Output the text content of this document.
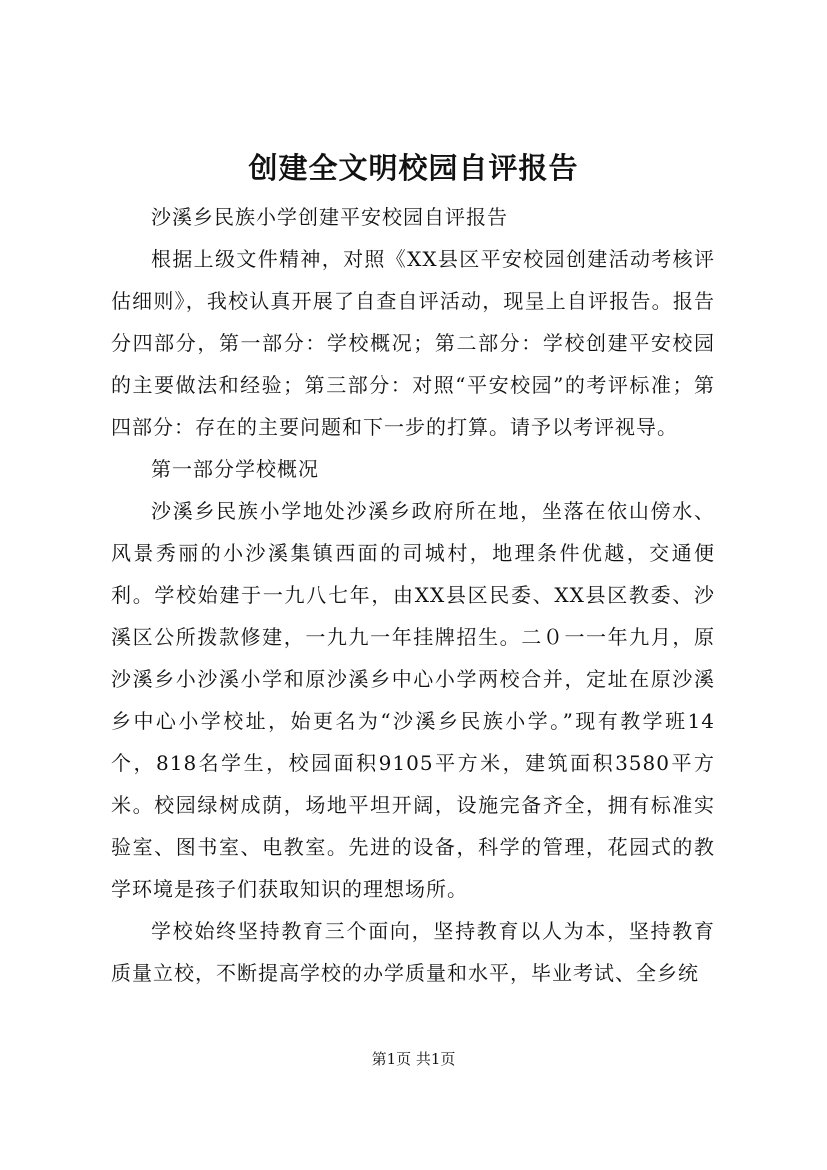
创建全文明校园自评报告

沙溪乡民族小学创建平安校园自评报告

根据上级文件精神，对照《XX县区平安校园创建活动考核评估细则》，我校认真开展了自查自评活动，现呈上自评报告。报告分四部分，第一部分：学校概况；第二部分：学校创建平安校园的主要做法和经验；第三部分：对照“平安校园”的考评标准；第四部分：存在的主要问题和下一步的打算。请予以考评视导。

第一部分学校概况

沙溪乡民族小学地处沙溪乡政府所在地，坐落在依山傍水、风景秀丽的小沙溪集镇西面的司城村，地理条件优越，交通便利。学校始建于一九八七年，由XX县区民委、XX县区教委、沙溪区公所拨款修建，一九九一年挂牌招生。二０一一年九月，原沙溪乡小沙溪小学和原沙溪乡中心小学两校合并，定址在原沙溪乡中心小学校址，始更名为“沙溪乡民族小学。”现有教学班14个，818名学生，校园面积9105平方米，建筑面积3580平方米。校园绿树成荫，场地平坦开阔，设施完备齐全，拥有标准实验室、图书室、电教室。先进的设备，科学的管理，花园式的教学环境是孩子们获取知识的理想场所。

学校始终坚持教育三个面向，坚持教育以人为本，坚持教育质量立校，不断提高学校的办学质量和水平，毕业考试、全乡统

第1页 共1页
